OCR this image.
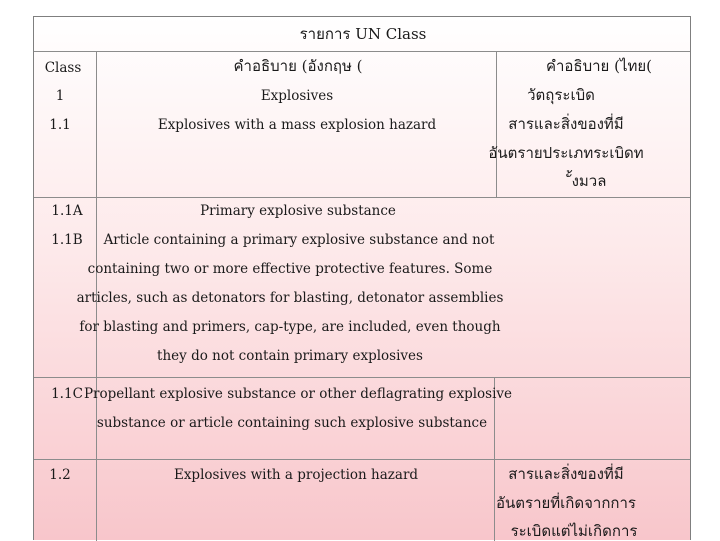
รายการ UN Class
Class	คำอธิบาย (อังกฤษ (	คำอธิบาย (ไทย(
1	Explosives	วัตถุระเบิด
1.1	Explosives with a mass explosion hazard	สารและสิ่งของที่มี
อันตรายประเภทระเบิดท
ั้งมวล
1.1A	Primary explosive substance
1.1B Article containing a primary explosive substance and not
containing two or more effective protective features. Some
articles, such as detonators for blasting, detonator assemblies
for blasting and primers, cap-type, are included, even though
they do not contain primary explosives
1.1C Propellant explosive substance or other deflagrating explosive
substance or article containing such explosive substance
1.2	Explosives with a projection hazard	สารและสิ่งของที่มี
อันตรายที่เกิดจากการ
ระเบิดแต่ไม่เกิดการ
